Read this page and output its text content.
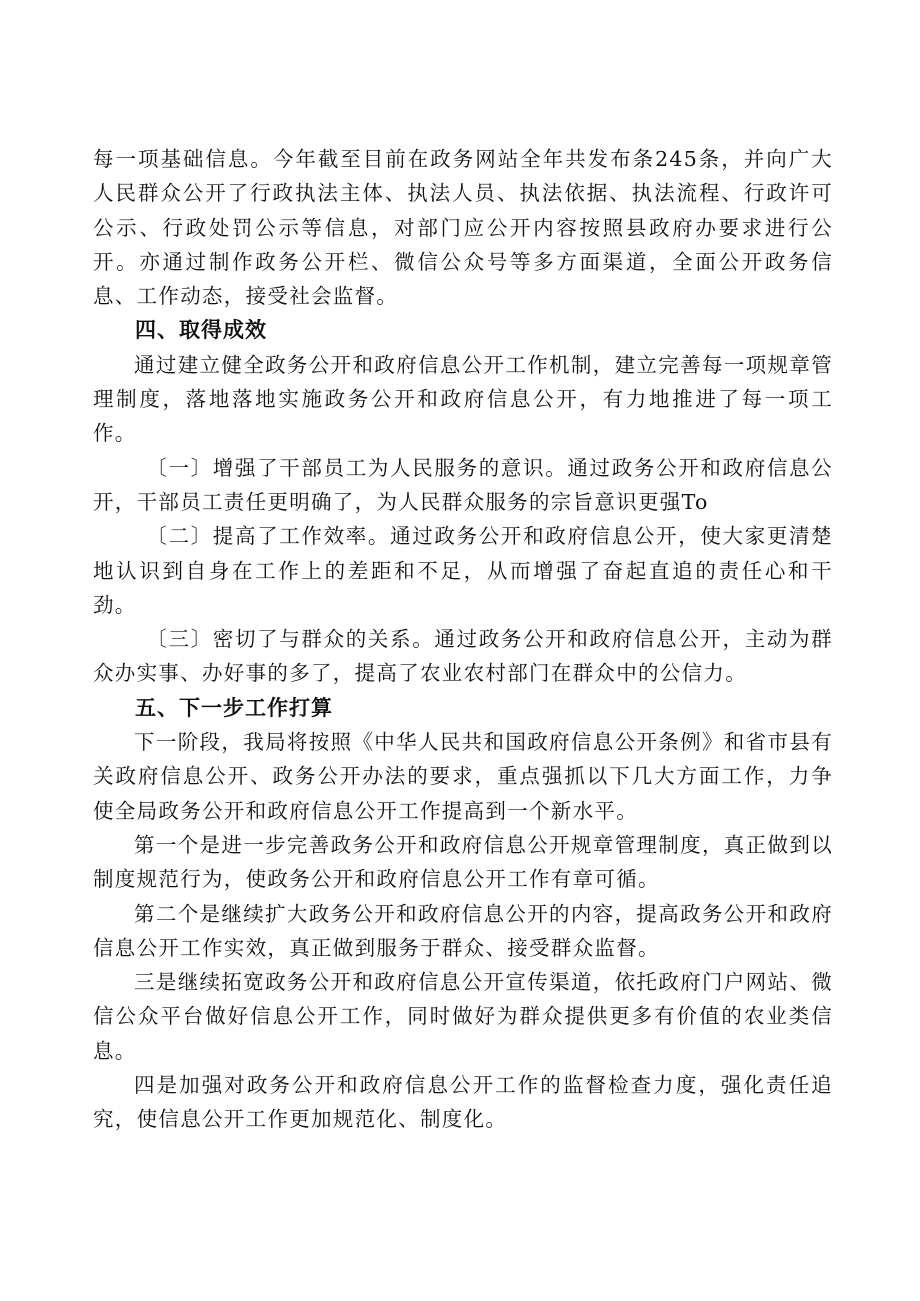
每一项基础信息。今年截至目前在政务网站全年共发布条245条，并向广大人民群众公开了行政执法主体、执法人员、执法依据、执法流程、行政许可公示、行政处罚公示等信息，对部门应公开内容按照县政府办要求进行公开。亦通过制作政务公开栏、微信公众号等多方面渠道，全面公开政务信息、工作动态，接受社会监督。

四、取得成效

通过建立健全政务公开和政府信息公开工作机制，建立完善每一项规章管理制度，落地落地实施政务公开和政府信息公开，有力地推进了每一项工作。

〔一〕增强了干部员工为人民服务的意识。通过政务公开和政府信息公开，干部员工责任更明确了，为人民群众服务的宗旨意识更强To

〔二〕提高了工作效率。通过政务公开和政府信息公开，使大家更清楚地认识到自身在工作上的差距和不足，从而增强了奋起直追的责任心和干劲。

〔三〕密切了与群众的关系。通过政务公开和政府信息公开，主动为群众办实事、办好事的多了，提高了农业农村部门在群众中的公信力。

五、下一步工作打算

下一阶段，我局将按照《中华人民共和国政府信息公开条例》和省市县有关政府信息公开、政务公开办法的要求，重点强抓以下几大方面工作，力争使全局政务公开和政府信息公开工作提高到一个新水平。

第一个是进一步完善政务公开和政府信息公开规章管理制度，真正做到以制度规范行为，使政务公开和政府信息公开工作有章可循。

第二个是继续扩大政务公开和政府信息公开的内容，提高政务公开和政府信息公开工作实效，真正做到服务于群众、接受群众监督。

三是继续拓宽政务公开和政府信息公开宣传渠道，依托政府门户网站、微信公众平台做好信息公开工作，同时做好为群众提供更多有价值的农业类信息。

四是加强对政务公开和政府信息公开工作的监督检查力度，强化责任追究，使信息公开工作更加规范化、制度化。
